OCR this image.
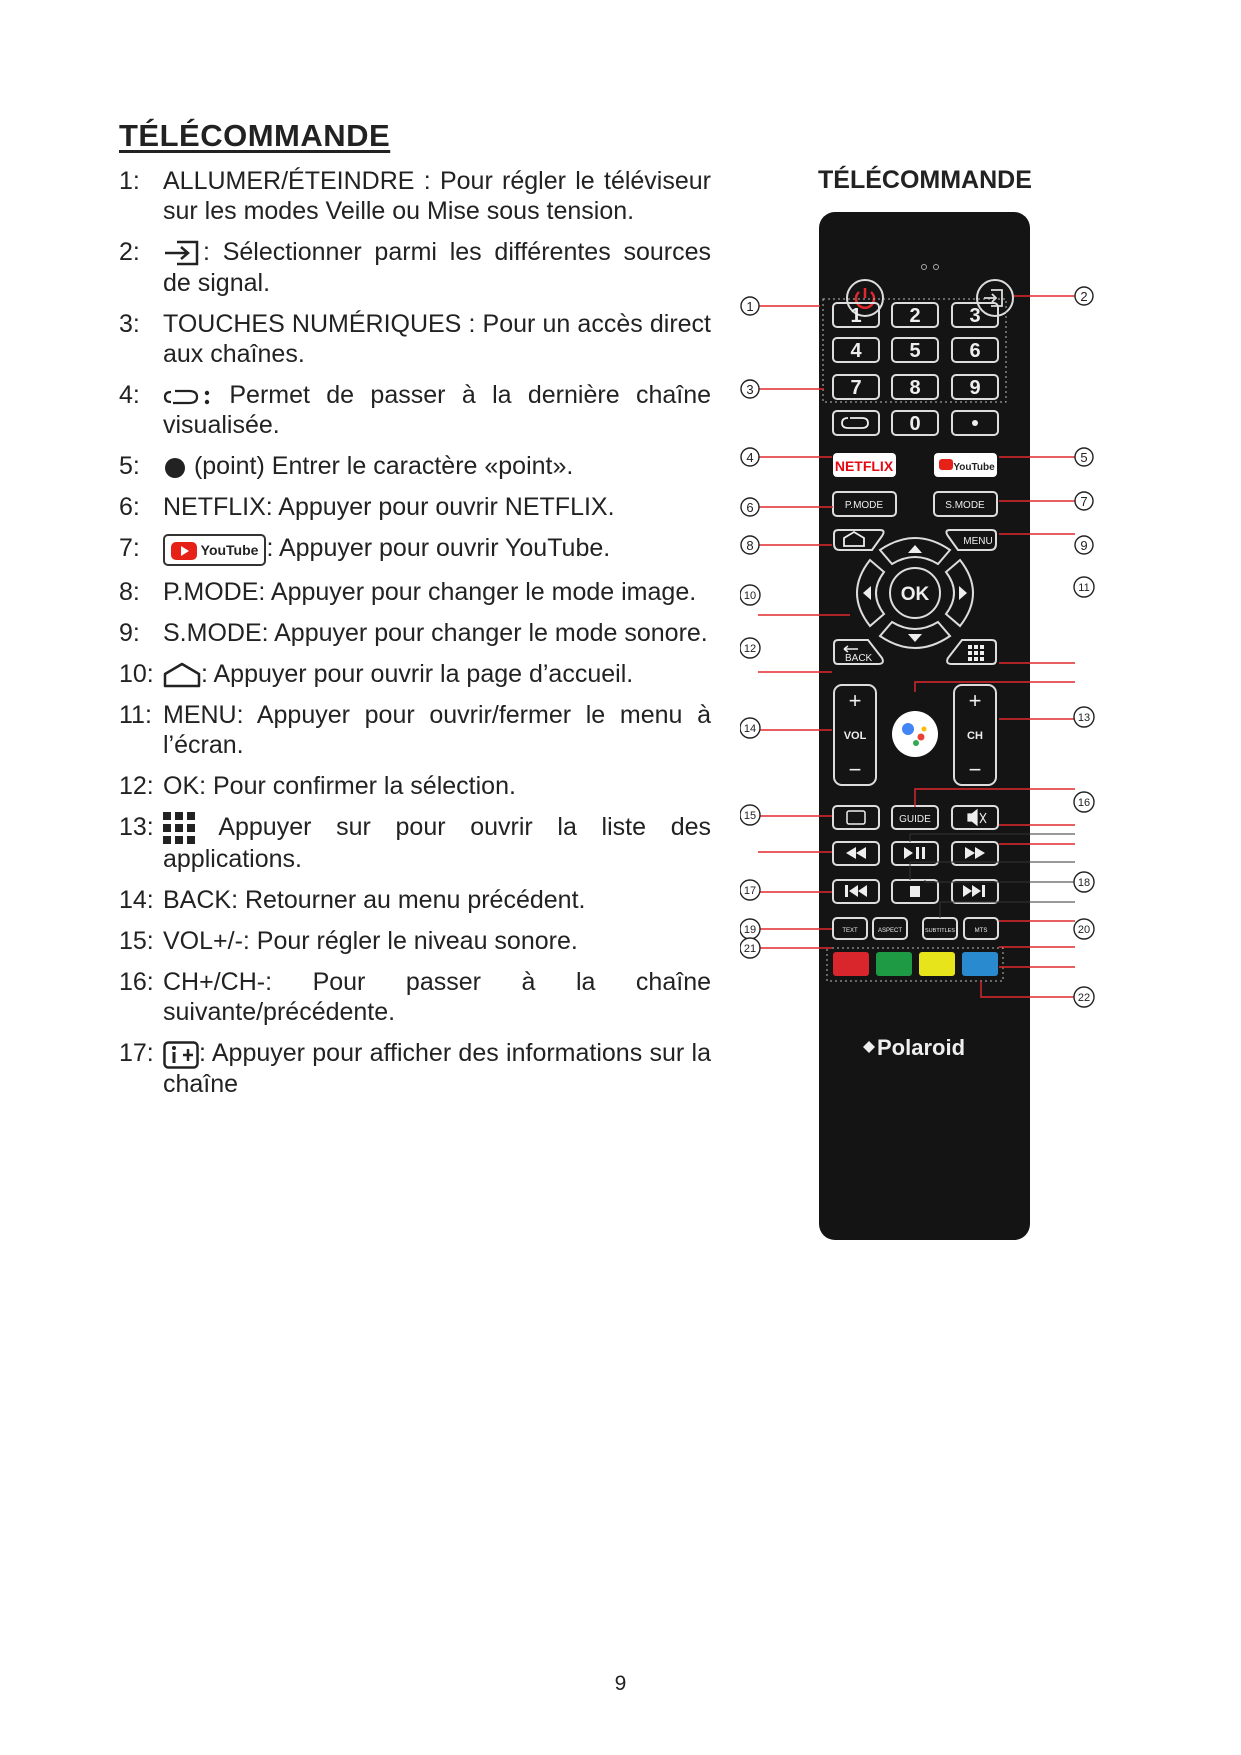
TÉLÉCOMMANDE
1: ALLUMER/ÉTEINDRE : Pour régler le téléviseur sur les modes Veille ou Mise sous tension.
2:	: Sélectionner parmi les différentes sources de signal.
3: TOUCHES NUMÉRIQUES : Pour un accès direct aux chaînes.
4:	Permet de passer à la dernière chaîne visualisée.
5:	(point) Entrer le caractère «point».
6: NETFLIX: Appuyer pour ouvrir NETFLIX.
7:	YouTube : Appuyer pour ouvrir YouTube.
8: P.MODE: Appuyer pour changer le mode image.
9: S.MODE: Appuyer pour changer le mode sonore.
10:	: Appuyer pour ouvrir la page d’accueil.
11: MENU: Appuyer pour ouvrir/fermer le menu à l’écran.
12: OK: Pour confirmer la sélection.
13:	Appuyer sur pour ouvrir la liste des applications.
14: BACK: Retourner au menu précédent.
15: VOL+/-: Pour régler le niveau sonore.
16: CH+/CH-: Pour passer à la chaîne suivante/précédente.
17:	: Appuyer pour afficher des informations sur la chaîne
TÉLÉCOMMANDE
1 2 3
4 5 6
7 8 9
0
NETFLIX	YouTube
P.MODE	S.MODE
MENU
OK
BACK
+
VOL
−
+
CH
−
GUIDE
TEXT	ASPECT	SUBTITLES	MTS
Polaroid
1
2
3
4	5
6	7
8	9
10
11
12
13
14
15
16
17
18
19	20
21
22
9
